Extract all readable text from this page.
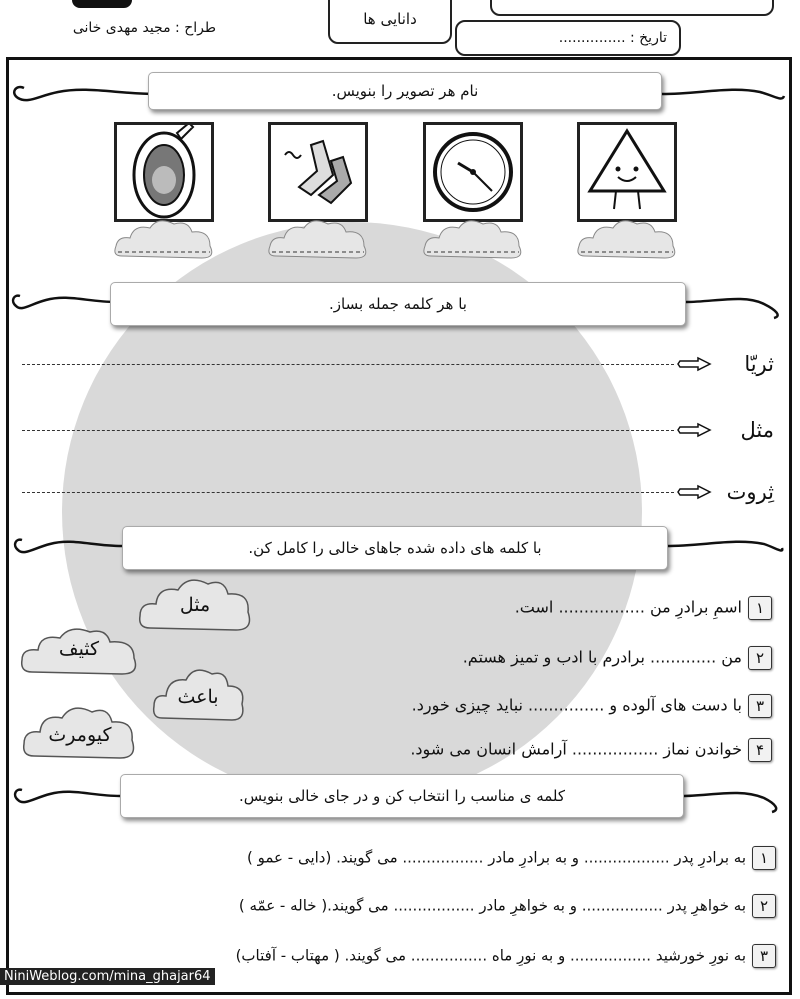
طراح : مجید مهدی خانی	دانایی ها
تاریخ : ...............
نام هر تصویر را بنویس.
با هر کلمه جمله بساز.
ثریّا
مثل
ثِروت
با کلمه های داده شده جاهای خالی را کامل کن.
مثل
کثیف
باعث
کیومرث
۱اسمِ برادرِ من ................. است.
۲من ............. برادرم با ادب و تمیز هستم.
۳با دست های آلوده و ............... نباید چیزی خورد.
۴خواندن نماز ................. آرامش انسان می شود.
کلمه ی مناسب را انتخاب کن و در جای خالی بنویس.
۱به برادرِ پدر .................. و به برادرِ مادر ................. می گویند. (دایی - عمو )
۲به خواهرِ پدر ................. و به خواهرِ مادر ................. می گویند.( خاله - عمّه )
۳به نورِ خورشید ................. و به نورِ ماه ................ می گویند. ( مهتاب - آفتاب)
NiniWeblog.com/mina_ghajar64
